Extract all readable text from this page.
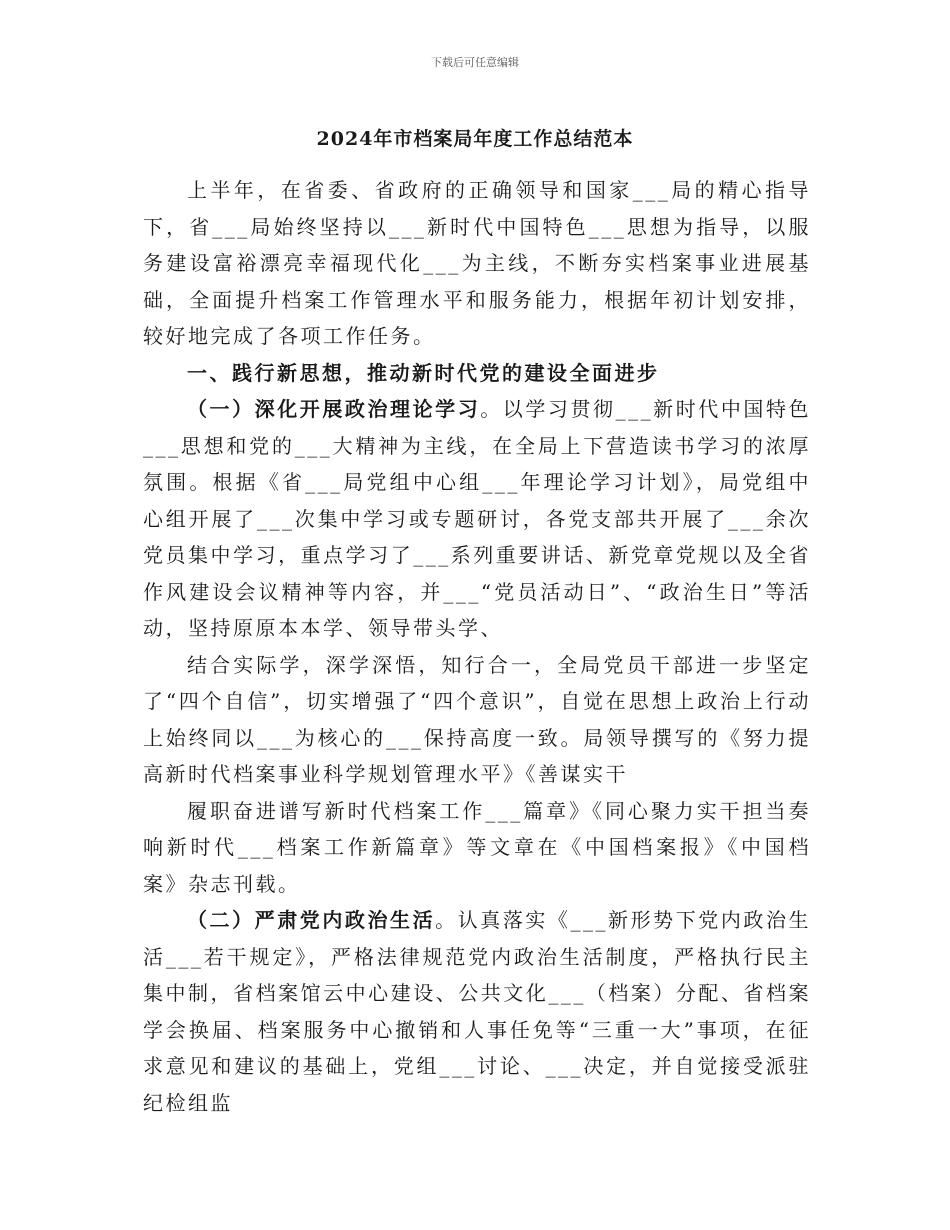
下载后可任意编辑
2024年市档案局年度工作总结范本

上半年，在省委、省政府的正确领导和国家___局的精心指导下，省___局始终坚持以___新时代中国特色___思想为指导，以服务建设富裕漂亮幸福现代化___为主线，不断夯实档案事业进展基础，全面提升档案工作管理水平和服务能力，根据年初计划安排，较好地完成了各项工作任务。

一、践行新思想，推动新时代党的建设全面进步

（一）深化开展政治理论学习。以学习贯彻___新时代中国特色___思想和党的___大精神为主线，在全局上下营造读书学习的浓厚氛围。根据《省___局党组中心组___年理论学习计划》，局党组中心组开展了___次集中学习或专题研讨，各党支部共开展了___余次党员集中学习，重点学习了___系列重要讲话、新党章党规以及全省作风建设会议精神等内容，并___“党员活动日”、“政治生日”等活动，坚持原原本本学、领导带头学、

结合实际学，深学深悟，知行合一，全局党员干部进一步坚定了“四个自信”，切实增强了“四个意识”，自觉在思想上政治上行动上始终同以___为核心的___保持高度一致。局领导撰写的《努力提高新时代档案事业科学规划管理水平》《善谋实干

履职奋进谱写新时代档案工作___篇章》《同心聚力实干担当奏响新时代___档案工作新篇章》等文章在《中国档案报》《中国档案》杂志刊载。

（二）严肃党内政治生活。认真落实《___新形势下党内政治生活___若干规定》，严格法律规范党内政治生活制度，严格执行民主集中制，省档案馆云中心建设、公共文化___（档案）分配、省档案学会换届、档案服务中心撤销和人事任免等“三重一大”事项，在征求意见和建议的基础上，党组___讨论、___决定，并自觉接受派驻纪检组监
